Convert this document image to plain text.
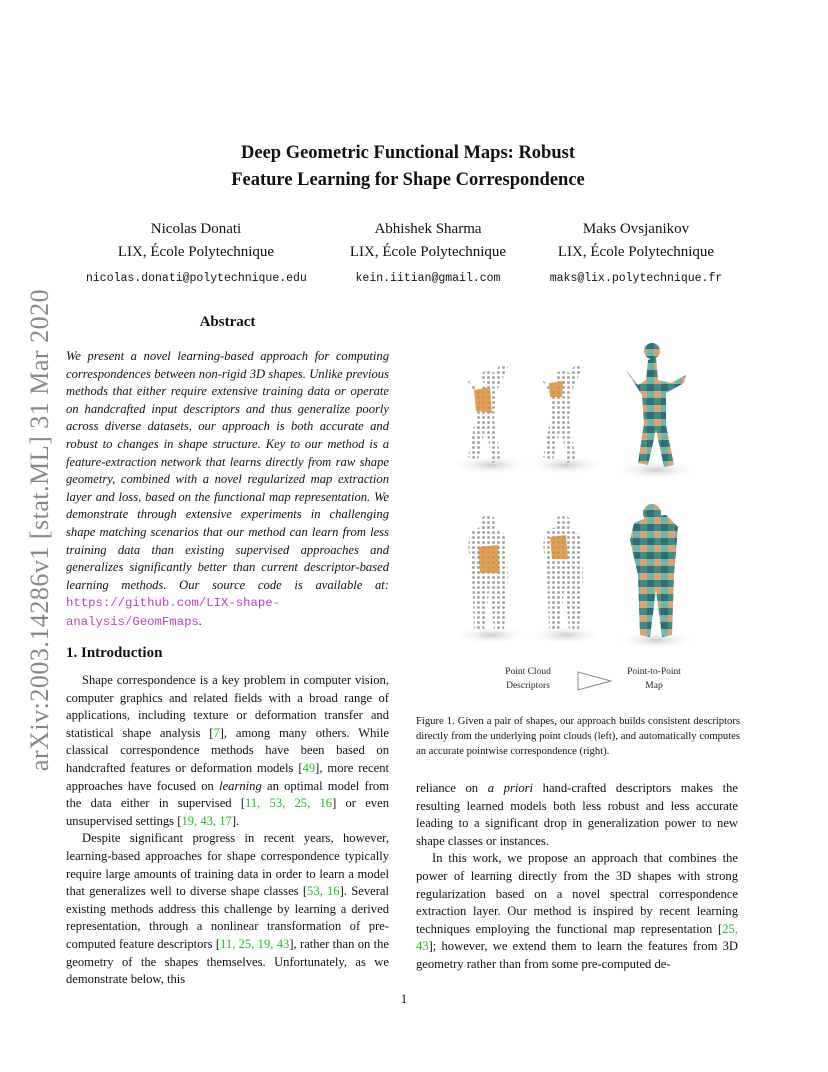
arXiv:2003.14286v1 [stat.ML] 31 Mar 2020
Deep Geometric Functional Maps: Robust
Feature Learning for Shape Correspondence
Nicolas Donati
LIX, École Polytechnique
nicolas.donati@polytechnique.edu
Abhishek Sharma
LIX, École Polytechnique
kein.iitian@gmail.com
Maks Ovsjanikov
LIX, École Polytechnique
maks@lix.polytechnique.fr
Abstract
We present a novel learning-based approach for computing correspondences between non-rigid 3D shapes. Unlike previous methods that either require extensive training data or operate on handcrafted input descriptors and thus generalize poorly across diverse datasets, our approach is both accurate and robust to changes in shape structure. Key to our method is a feature-extraction network that learns directly from raw shape geometry, combined with a novel regularized map extraction layer and loss, based on the functional map representation. We demonstrate through extensive experiments in challenging shape matching scenarios that our method can learn from less training data than existing supervised approaches and generalizes significantly better than current descriptor-based learning methods. Our source code is available at: https://github.com/LIX-shape-analysis/GeomFmaps.
1. Introduction

Shape correspondence is a key problem in computer vision, computer graphics and related fields with a broad range of applications, including texture or deformation transfer and statistical shape analysis [7], among many others. While classical correspondence methods have been based on handcrafted features or deformation models [49], more recent approaches have focused on learning an optimal model from the data either in supervised [11, 53, 25, 16] or even unsupervised settings [19, 43, 17].

Despite significant progress in recent years, however, learning-based approaches for shape correspondence typically require large amounts of training data in order to learn a model that generalizes well to diverse shape classes [53, 16]. Several existing methods address this challenge by learning a derived representation, through a nonlinear transformation of pre-computed feature descriptors [11, 25, 19, 43], rather than on the geometry of the shapes themselves. Unfortunately, as we demonstrate below, this

Point Cloud
Descriptors
Point-to-Point
Map
Figure 1. Given a pair of shapes, our approach builds consistent descriptors directly from the underlying point clouds (left), and automatically computes an accurate pointwise correspondence (right).

reliance on a priori hand-crafted descriptors makes the resulting learned models both less robust and less accurate leading to a significant drop in generalization power to new shape classes or instances.

In this work, we propose an approach that combines the power of learning directly from the 3D shapes with strong regularization based on a novel spectral correspondence extraction layer. Our method is inspired by recent learning techniques employing the functional map representation [25, 43]; however, we extend them to learn the features from 3D geometry rather than from some pre-computed de-

1
